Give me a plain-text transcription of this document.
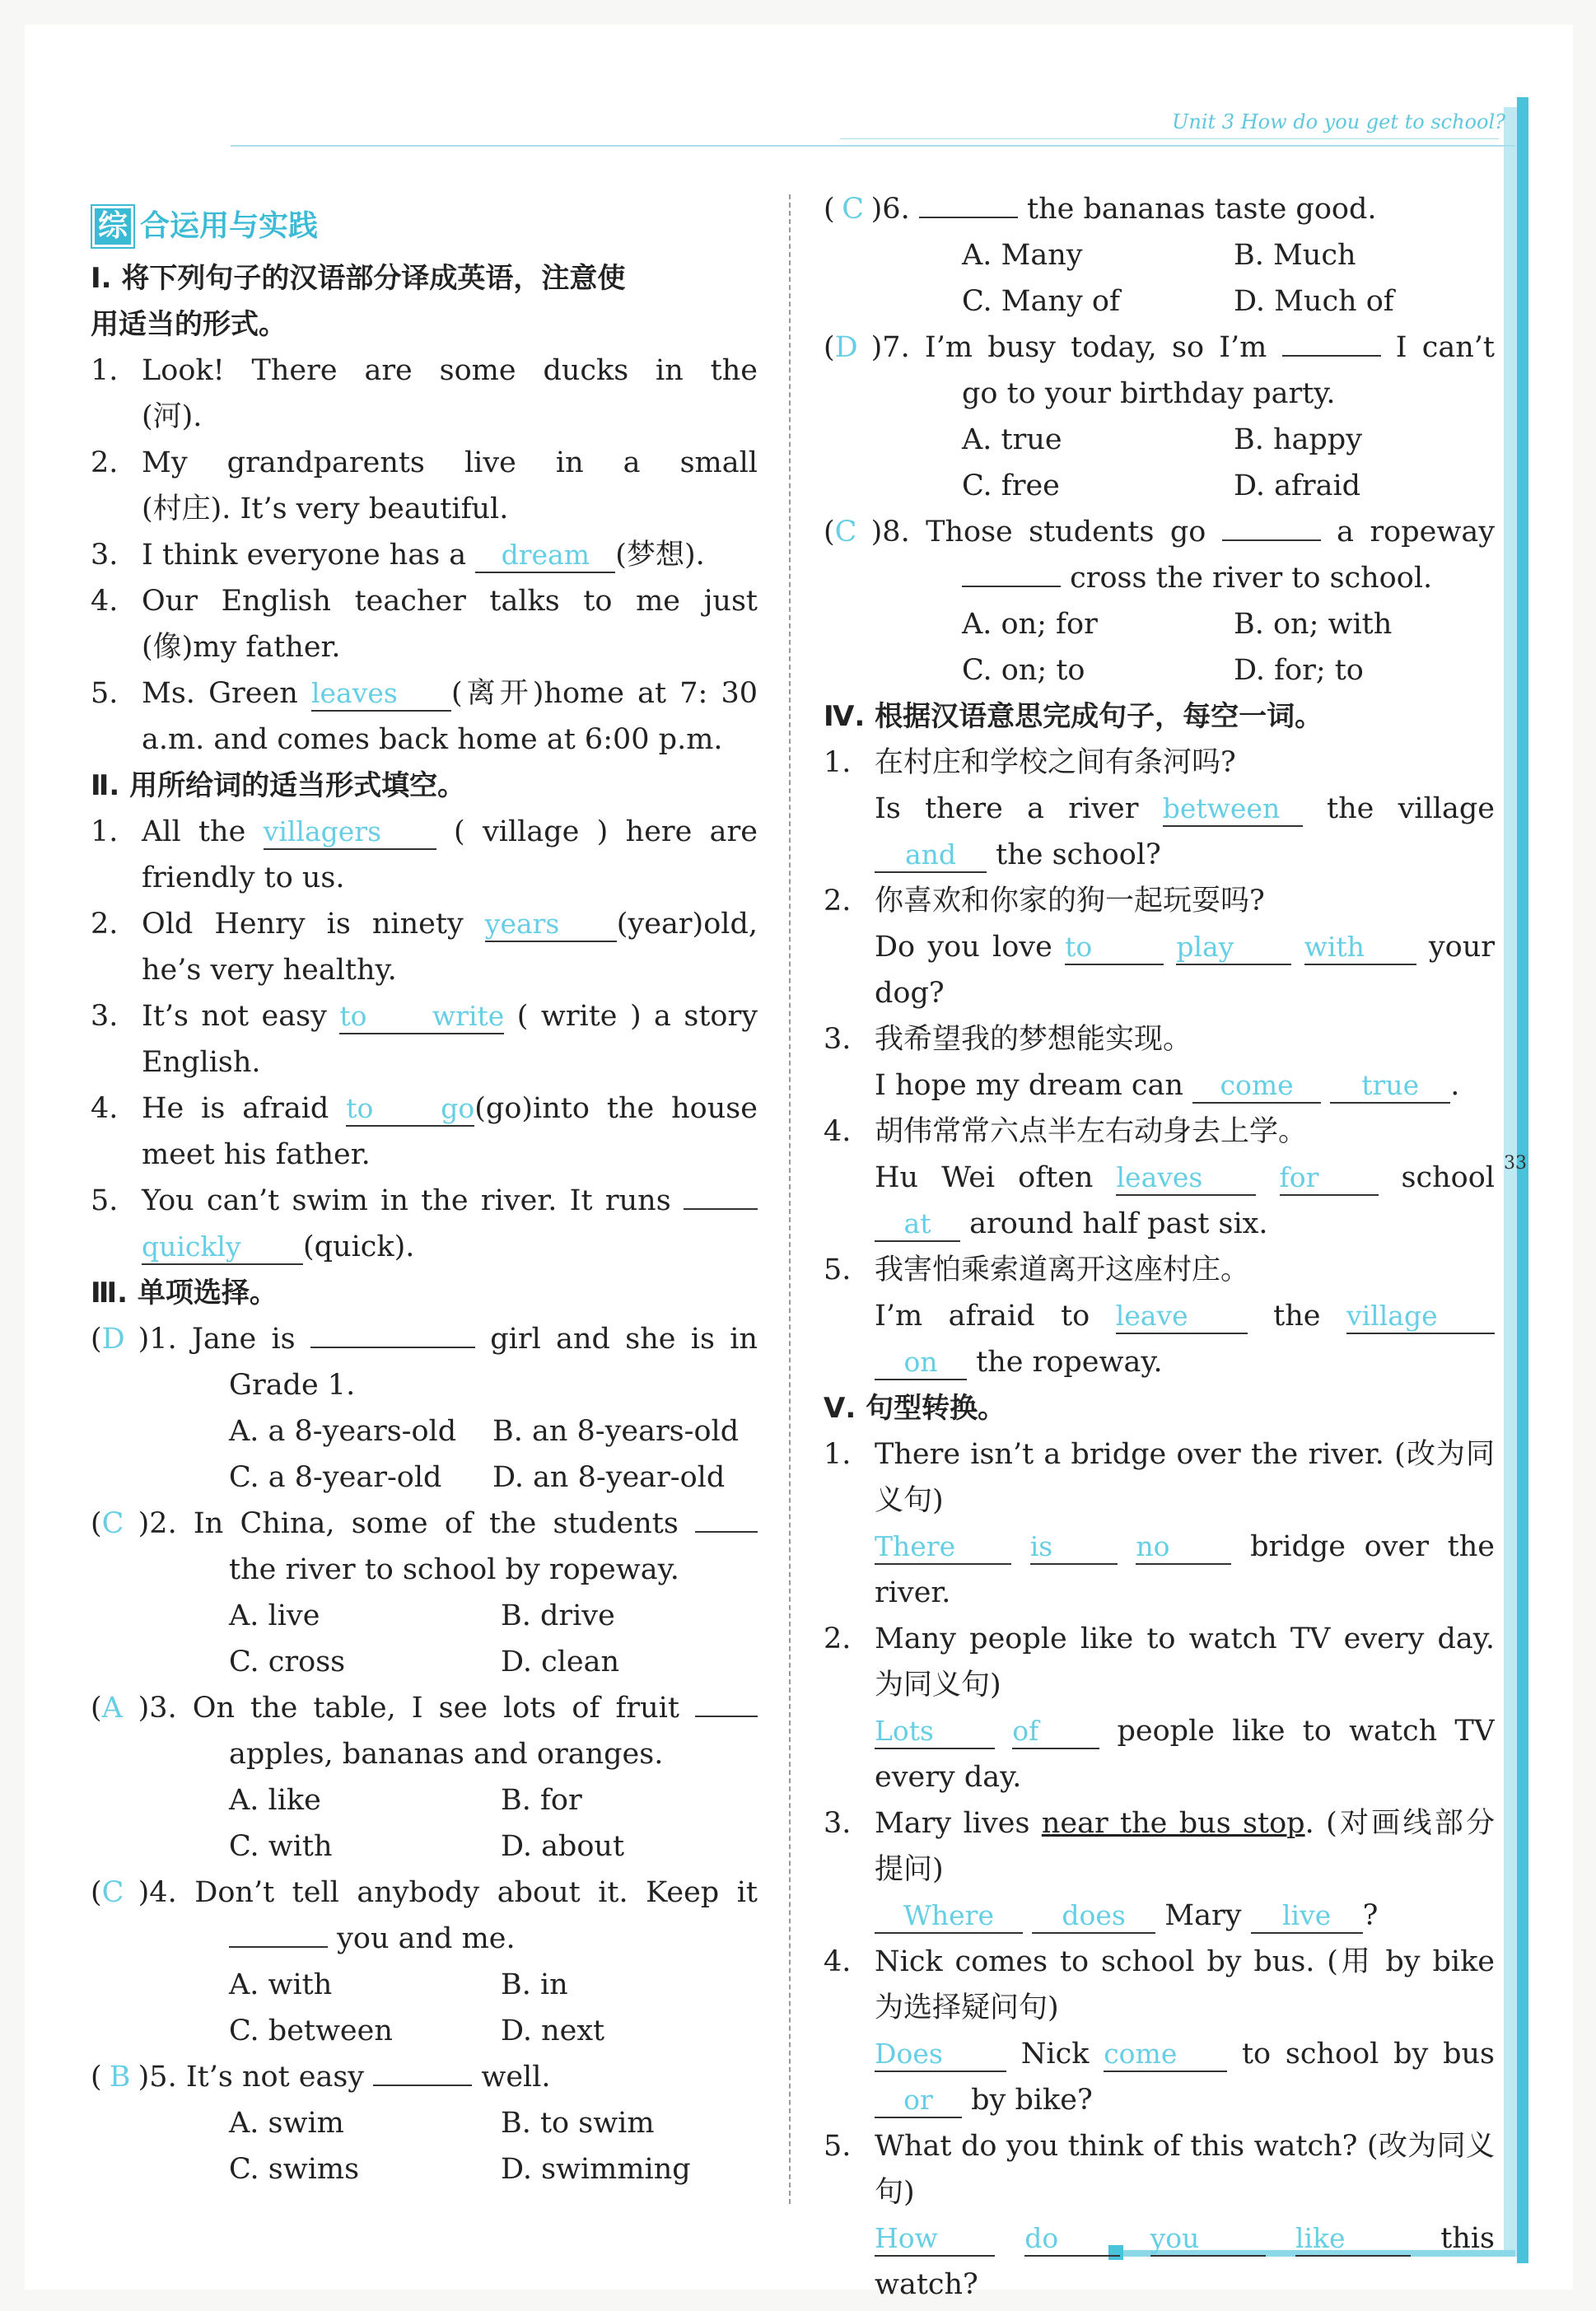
Unit 3 How do you get to school?
33
综 合运用与实践
Ⅰ. 将下列句子的汉语部分译成英语，注意使
用适当的形式。
1. Look! There are some ducks in the
(河).
2. My grandparents live in a small
(村庄). It’s very beautiful.
3. I think everyone has a dream (梦想).
4. Our English teacher talks to me just
(像)my father.
5. Ms. Green leaves (离开)home at 7: 30
a.m. and comes back home at 6:00 p.m.
Ⅱ. 用所给词的适当形式填空。
1. All the villagers	( village ) here are
friendly to us.
2. Old Henry is ninety years (year)old,
he’s very healthy.
3. It’s not easy to write ( write ) a story
English.
4. He is afraid to go(go)into the house
meet his father.
5. You can’t swim in the river. It runs
quickly (quick).
Ⅲ. 单项选择。
(D )1. Jane is	girl and she is in
Grade 1.
A. a 8-years-old B. an 8-years-old
C. a 8-year-old D. an 8-year-old
(C )2. In China, some of the students
the river to school by ropeway.
A. live	B. drive
C. cross	D. clean
(A )3. On the table, I see lots of fruit
apples, bananas and oranges.
A. like	B. for
C. with	D. about
(C )4. Don’t tell anybody about it. Keep it
you and me.
A. with	B. in
C. between	D. next
( B )5. It’s not easy	well.
A. swim	B. to swim
C. swims	D. swimming
( C )6.	the bananas taste good.
A. Many	B. Much
C. Many of	D. Much of
(D )7. I’m busy today, so I’m	I can’t
go to your birthday party.
A. true	B. happy
C. free	D. afraid
(C )8. Those students go	a ropeway
cross the river to school.
A. on; for	B. on; with
C. on; to	D. for; to
Ⅳ. 根据汉语意思完成句子，每空一词。
1. 在村庄和学校之间有条河吗?
Is there a river between the village
and the school?
2. 你喜欢和你家的狗一起玩耍吗?
Do you love to	play	with your
dog?
3. 我希望我的梦想能实现。
I hope my dream can come	true .
4. 胡伟常常六点半左右动身去上学。
Hu Wei often leaves	for	school
at around half past six.
5. 我害怕乘索道离开这座村庄。
I’m afraid to leave	the village
on the ropeway.
Ⅴ. 句型转换。
1. There isn’t a bridge over the river. (改为同
义句)
There	is	no	bridge over the
river.
2. Many people like to watch TV every day.
为同义句)
Lots	of	people like to watch TV
every day.
3. Mary lives near the bus stop. (对画线部分
提问)
Where does Mary live ?
4. Nick comes to school by bus. (用 by bike
为选择疑问句)
Does	Nick come to school by bus
or by bike?
5. What do you think of this watch? (改为同义
句)
How	do	you	like	this
watch?
